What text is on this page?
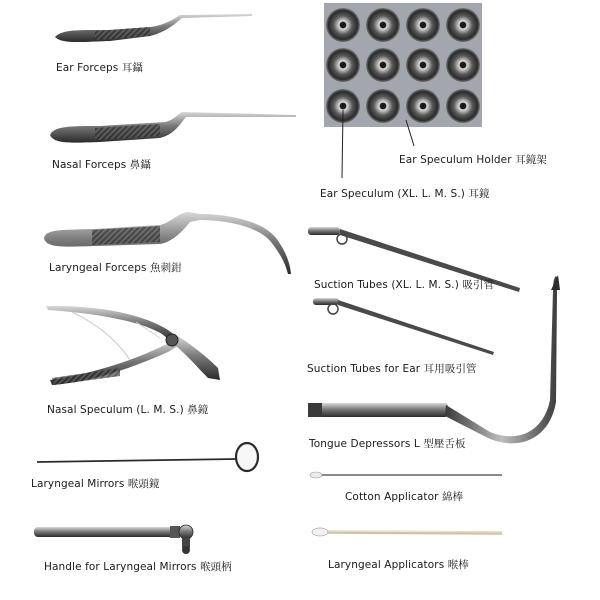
Ear Forceps 耳鑷
Nasal Forceps 鼻鑷
Laryngeal Forceps 魚刺鉗
Nasal Speculum (L. M. S.) 鼻鏡
Laryngeal Mirrors 喉頭鏡
Handle for Laryngeal Mirrors 喉頭柄
Ear Speculum Holder 耳鏡架
Ear Speculum (XL. L. M. S.) 耳鏡
Suction Tubes (XL. L. M. S.) 吸引管
Suction Tubes for Ear 耳用吸引管
Tongue Depressors L 型壓舌板
Cotton Applicator 綿棒
Laryngeal Applicators 喉棒
